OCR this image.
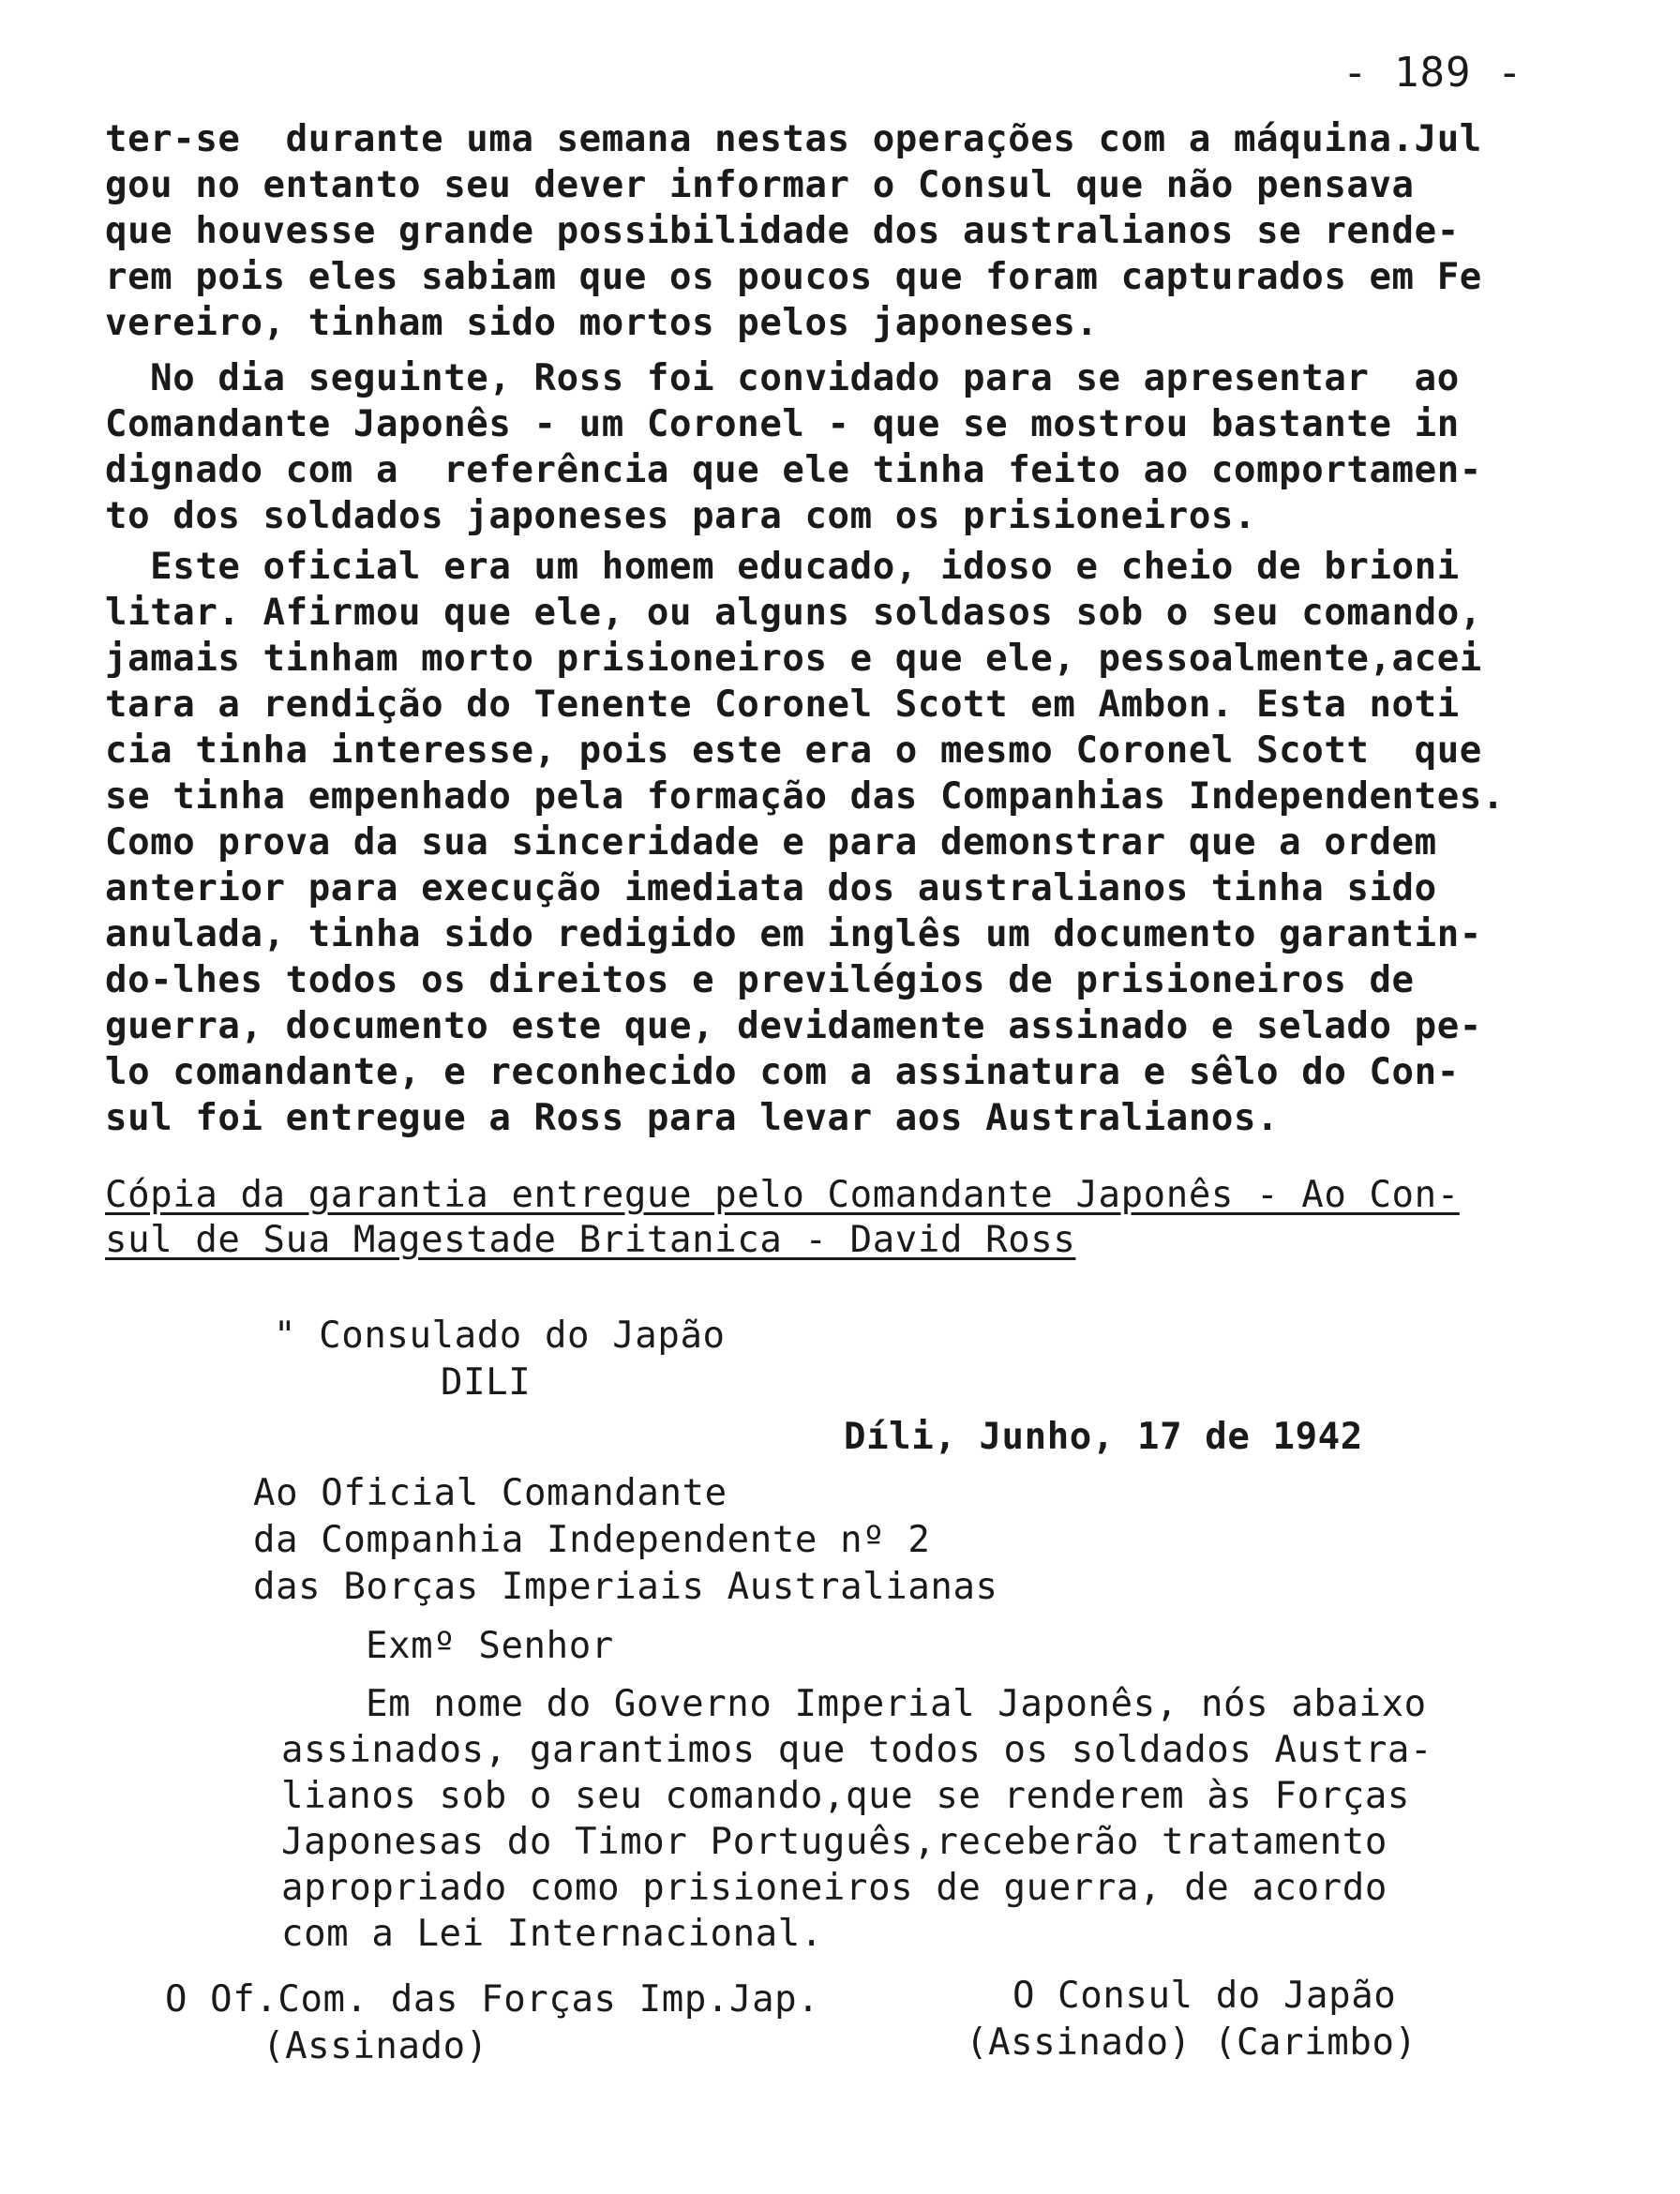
- 189 -
ter-se  durante uma semana nestas operações com a máquina.Jul
gou no entanto seu dever informar o Consul que não pensava
que houvesse grande possibilidade dos australianos se rende-
rem pois eles sabiam que os poucos que foram capturados em Fe
vereiro, tinham sido mortos pelos japoneses.
No dia seguinte, Ross foi convidado para se apresentar  ao
Comandante Japonês - um Coronel - que se mostrou bastante in
dignado com a  referência que ele tinha feito ao comportamen-
to dos soldados japoneses para com os prisioneiros.
Este oficial era um homem educado, idoso e cheio de brioni
litar. Afirmou que ele, ou alguns soldasos sob o seu comando,
jamais tinham morto prisioneiros e que ele, pessoalmente,acei
tara a rendição do Tenente Coronel Scott em Ambon. Esta noti
cia tinha interesse, pois este era o mesmo Coronel Scott  que
se tinha empenhado pela formação das Companhias Independentes.
Como prova da sua sinceridade e para demonstrar que a ordem
anterior para execução imediata dos australianos tinha sido
anulada, tinha sido redigido em inglês um documento garantin-
do-lhes todos os direitos e previlégios de prisioneiros de
guerra, documento este que, devidamente assinado e selado pe-
lo comandante, e reconhecido com a assinatura e sêlo do Con-
sul foi entregue a Ross para levar aos Australianos.
Cópia da garantia entregue pelo Comandante Japonês - Ao Con-
sul de Sua Magestade Britanica - David Ross
" Consulado do Japão
DILI
Díli, Junho, 17 de 1942
Ao Oficial Comandante
da Companhia Independente nº 2
das Borças Imperiais Australianas
Exmº Senhor
Em nome do Governo Imperial Japonês, nós abaixo
assinados, garantimos que todos os soldados Austra-
lianos sob o seu comando,que se renderem às Forças
Japonesas do Timor Português,receberão tratamento
apropriado como prisioneiros de guerra, de acordo
com a Lei Internacional.
O Of.Com. das Forças Imp.Jap.
(Assinado)
O Consul do Japão
(Assinado) (Carimbo)
